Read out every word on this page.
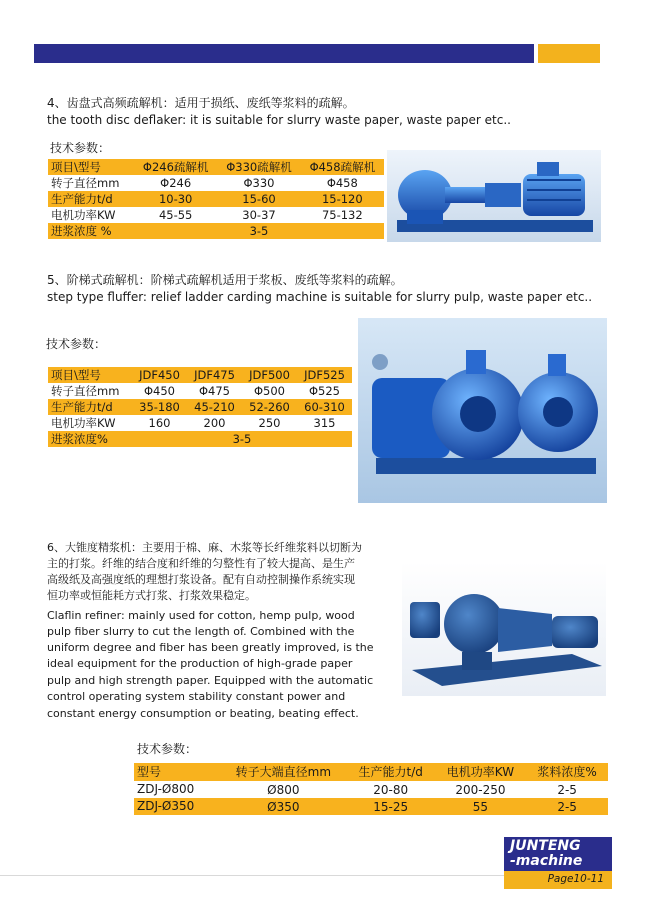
4、齿盘式高频疏解机：适用于损纸、废纸等浆料的疏解。
the tooth disc deflaker: it is suitable for slurry waste paper, waste paper etc..
技术参数：
项目\型号	Φ246疏解机	Φ330疏解机	Φ458疏解机
转子直径mm	Φ246	Φ330	Φ458
生产能力t/d	10-30	15-60	15-120
电机功率KW	45-55	30-37	75-132
进浆浓度 %	3-5		
5、阶梯式疏解机：阶梯式疏解机适用于浆板、废纸等浆料的疏解。
step type fluffer: relief ladder carding machine is suitable for slurry pulp, waste paper etc..
技术参数：
项目\型号	JDF450	JDF475	JDF500	JDF525
转子直径mm	Φ450	Φ475	Φ500	Φ525
生产能力t/d	35-180	45-210	52-260	60-310
电机功率KW	160	200	250	315
进浆浓度%	3-5			
6、大锥度精浆机：主要用于棉、麻、木浆等长纤维浆料以切断为
主的打浆。纤维的结合度和纤维的匀整性有了较大提高、是生产
高级纸及高强度纸的理想打浆设备。配有自动控制操作系统实现
恒功率或恒能耗方式打浆、打浆效果稳定。
Claflin refiner: mainly used for cotton, hemp pulp, wood
pulp fiber slurry to cut the length of. Combined with the
uniform degree and fiber has been greatly improved, is the
ideal equipment for the production of high-grade paper
pulp and high strength paper. Equipped with the automatic
control operating system stability constant power and
constant energy consumption or beating, beating effect.
技术参数：
型号	转子大端直径mm	生产能力t/d	电机功率KW	浆料浓度%
ZDJ-Ø800	Ø800	20-80	200-250	2-5
ZDJ-Ø350	Ø350	15-25	55	2-5
JUNTENG
-machine
Page10-11
